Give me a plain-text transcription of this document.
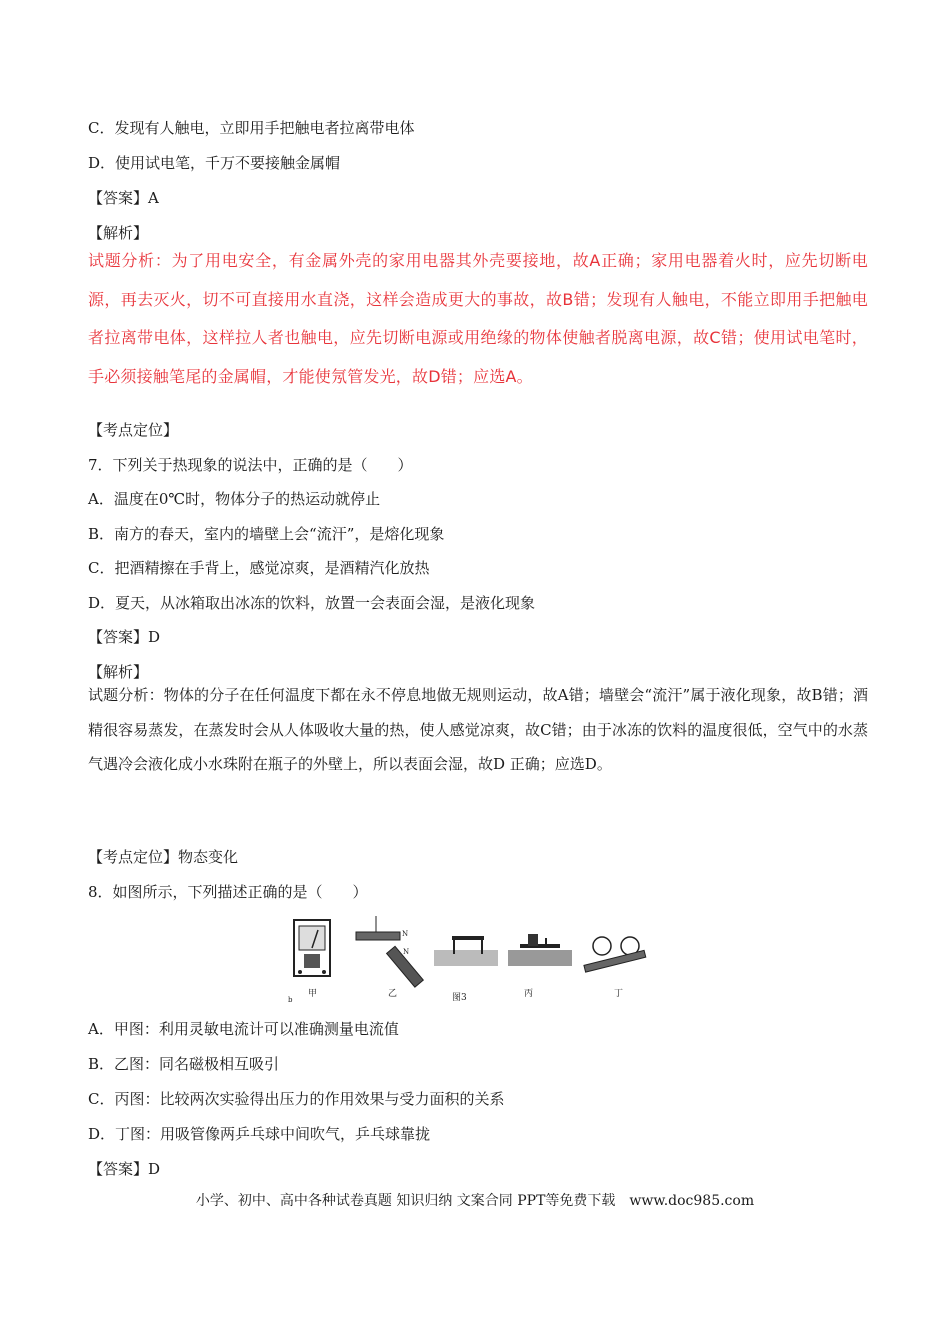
C．发现有人触电，立即用手把触电者拉离带电体
D．使用试电笔，千万不要接触金属帽
【答案】A
【解析】
试题分析：为了用电安全，有金属外壳的家用电器其外壳要接地，故A正确；家用电器着火时，应先切断电源，再去灭火，切不可直接用水直浇，这样会造成更大的事故，故B错；发现有人触电，不能立即用手把触电者拉离带电体，这样拉人者也触电，应先切断电源或用绝缘的物体使触者脱离电源，故C错；使用试电笔时，手必须接触笔尾的金属帽，才能使氖管发光，故D错；应选A。
【考点定位】
7．下列关于热现象的说法中，正确的是（　　）
A．温度在0℃时，物体分子的热运动就停止
B．南方的春天，室内的墙壁上会“流汗”，是熔化现象
C．把酒精擦在手背上，感觉凉爽，是酒精汽化放热
D．夏天，从冰箱取出冰冻的饮料，放置一会表面会湿，是液化现象
【答案】D
【解析】
试题分析：物体的分子在任何温度下都在永不停息地做无规则运动，故A错；墙壁会“流汗”属于液化现象，故B错；酒精很容易蒸发，在蒸发时会从人体吸收大量的热，使人感觉凉爽，故C错；由于冰冻的饮料的温度很低，空气中的水蒸气遇冷会液化成小水珠附在瓶子的外壁上，所以表面会湿，故D 正确；应选D。
【考点定位】物态变化
8．如图所示，下列描述正确的是（　　）
N
N
甲	乙	图3	丙	丁
b
A．甲图：利用灵敏电流计可以准确测量电流值
B．乙图：同名磁极相互吸引
C．丙图：比较两次实验得出压力的作用效果与受力面积的关系
D．丁图：用吸管像两乒乓球中间吹气，乒乓球靠拢
【答案】D
小学、初中、高中各种试卷真题 知识归纳 文案合同 PPT等免费下载　www.doc985.com
